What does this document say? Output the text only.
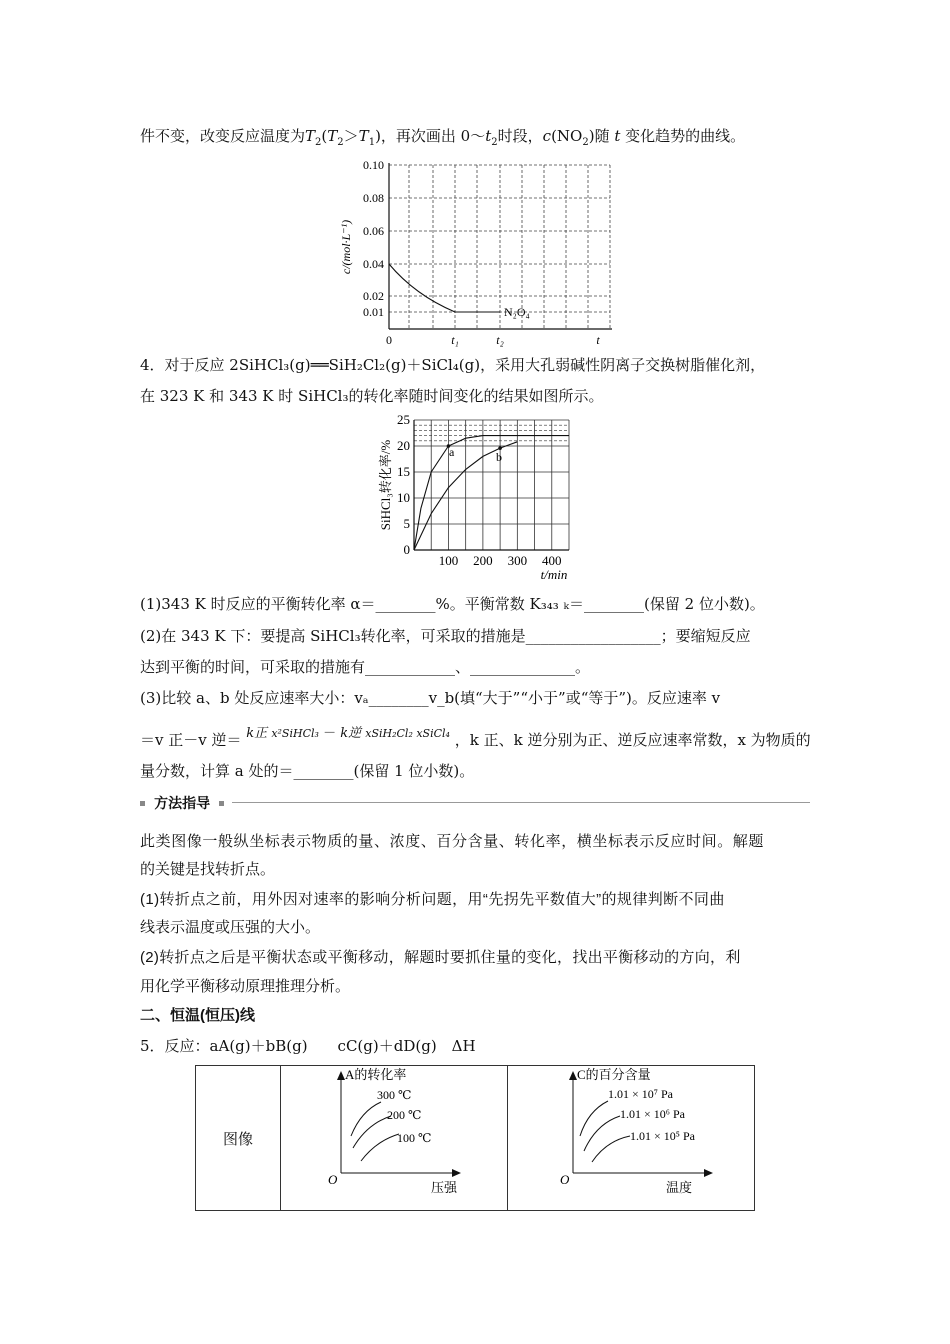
件不变，改变反应温度为$T_2(T_2>T_1)$，再次画出 $0\sim t_2$时段，$c(NO_2)$随 t 变化趋势的曲线。
c/(mol·L⁻¹)
0.10
0.08
0.06
0.04
0.02
0.01
0	t₁	t₂	t
N₂O₄
4．对于反应 2SiHCl₃(g)══SiH₂Cl₂(g)＋SiCl₄(g)，采用大孔弱碱性阴离子交换树脂催化剂，
在 323 K 和 343 K 时 SiHCl₃的转化率随时间变化的结果如图所示。
0
5
10
15
20
25
100 200 300 400
SiHCl₃转化率/%
t/min
a	b
(1)343 K 时反应的平衡转化率 α＝________%。平衡常数 K₃₄₃ ₖ＝________(保留 2 位小数)。
(2)在 343 K 下：要提高 SiHCl₃转化率，可采取的措施是__________________；要缩短反应
达到平衡的时间，可采取的措施有____________、______________。
(3)比较 a、b 处反应速率大小：vₐ________v_b(填“大于”“小于”或“等于”)。反应速率 v
＝v 正－v 逆＝ k正 x²SiHCl₃ － k逆 xSiH₂Cl₂ xSiCl₄ ，k 正、k 逆分别为正、逆反应速率常数，x 为物质的
量分数，计算 a 处的＝________(保留 1 位小数)。
方法指导
此类图像一般纵坐标表示物质的量、浓度、百分含量、转化率，横坐标表示反应时间。解题
的关键是找转折点。
(1)转折点之前，用外因对速率的影响分析问题，用“先拐先平数值大”的规律判断不同曲
线表示温度或压强的大小。
(2)转折点之后是平衡状态或平衡移动，解题时要抓住量的变化，找出平衡移动的方向，利
用化学平衡移动原理推理分析。
二、恒温(恒压)线
5．反应：aA(g)＋bB(g)　　cC(g)＋dD(g)　ΔH
图像	
A的转化率
压强
O
300 ℃
200 ℃
100 ℃

C的百分含量
温度
O
1.01 × 10⁷ Pa
1.01 × 10⁶ Pa
1.01 × 10⁵ Pa
